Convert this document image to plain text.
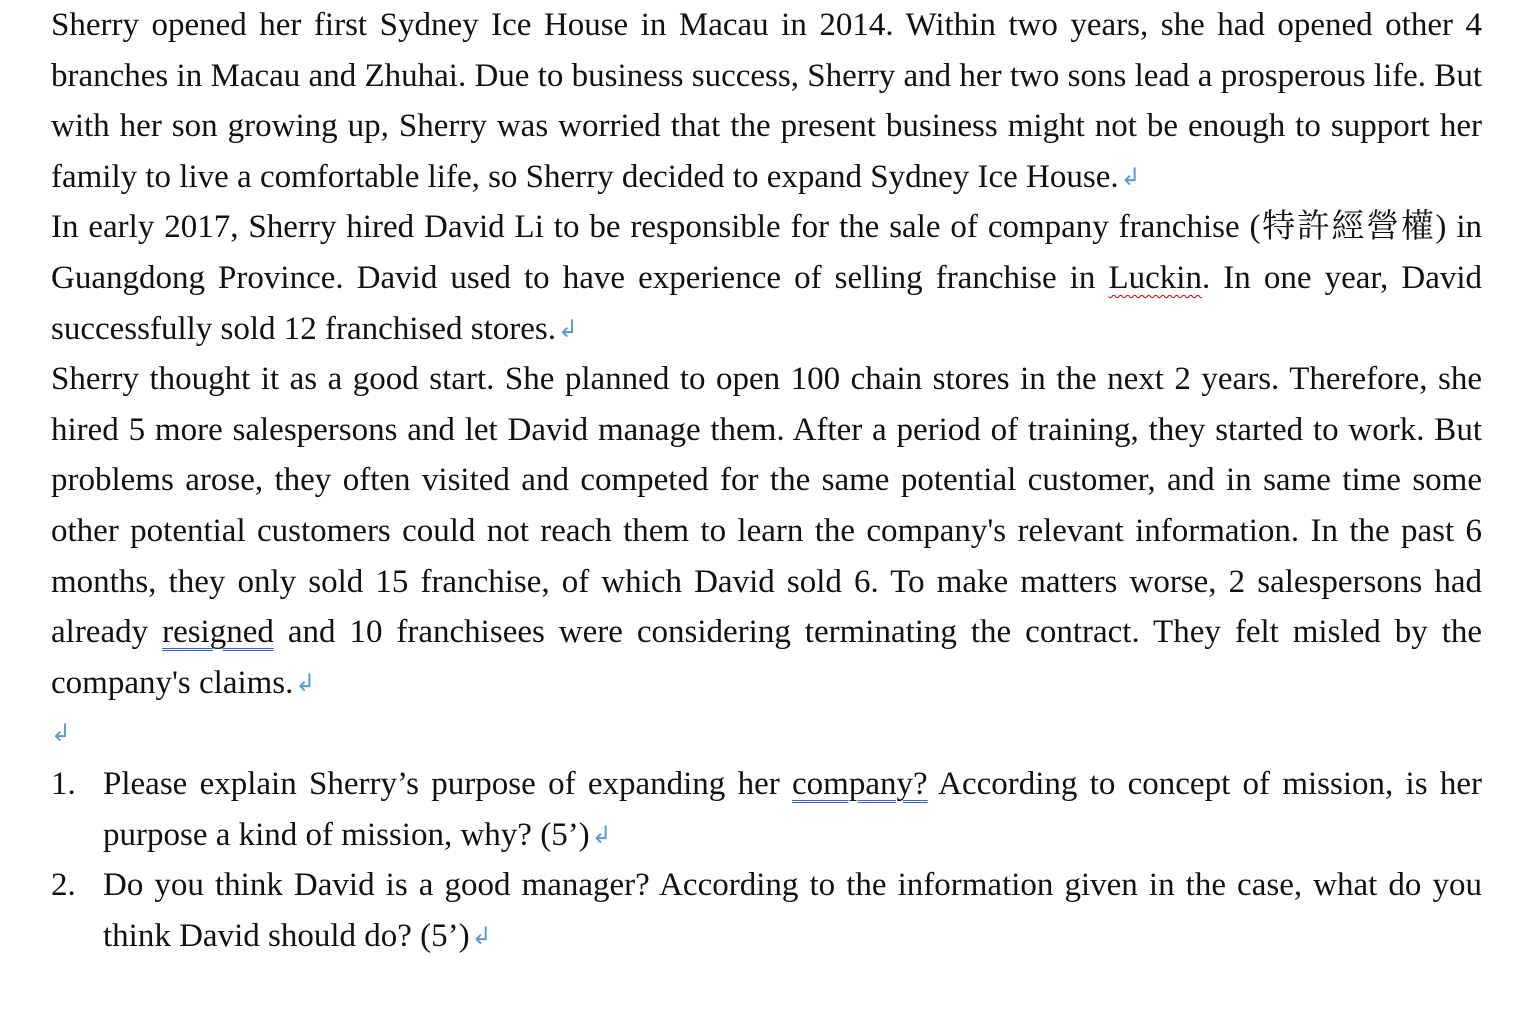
Sherry opened her first Sydney Ice House in Macau in 2014. Within two years, she had opened other 4 branches in Macau and Zhuhai. Due to business success, Sherry and her two sons lead a prosperous life. But with her son growing up, Sherry was worried that the present business might not be enough to support her family to live a comfortable life, so Sherry decided to expand Sydney Ice House.↲

In early 2017, Sherry hired David Li to be responsible for the sale of company franchise (特許經營權) in Guangdong Province. David used to have experience of selling franchise in Luckin. In one year, David successfully sold 12 franchised stores.↲

Sherry thought it as a good start. She planned to open 100 chain stores in the next 2 years. Therefore, she hired 5 more salespersons and let David manage them. After a period of training, they started to work. But problems arose, they often visited and competed for the same potential customer, and in same time some other potential customers could not reach them to learn the company's relevant information. In the past 6 months, they only sold 15 franchise, of which David sold 6. To make matters worse, 2 salespersons had already resigned and 10 franchisees were considering terminating the contract. They felt misled by the company's claims.↲

↲

1. Please explain Sherry’s purpose of expanding her company? According to concept of mission, is her purpose a kind of mission, why? (5’)↲
2. Do you think David is a good manager? According to the information given in the case, what do you think David should do? (5’)↲
